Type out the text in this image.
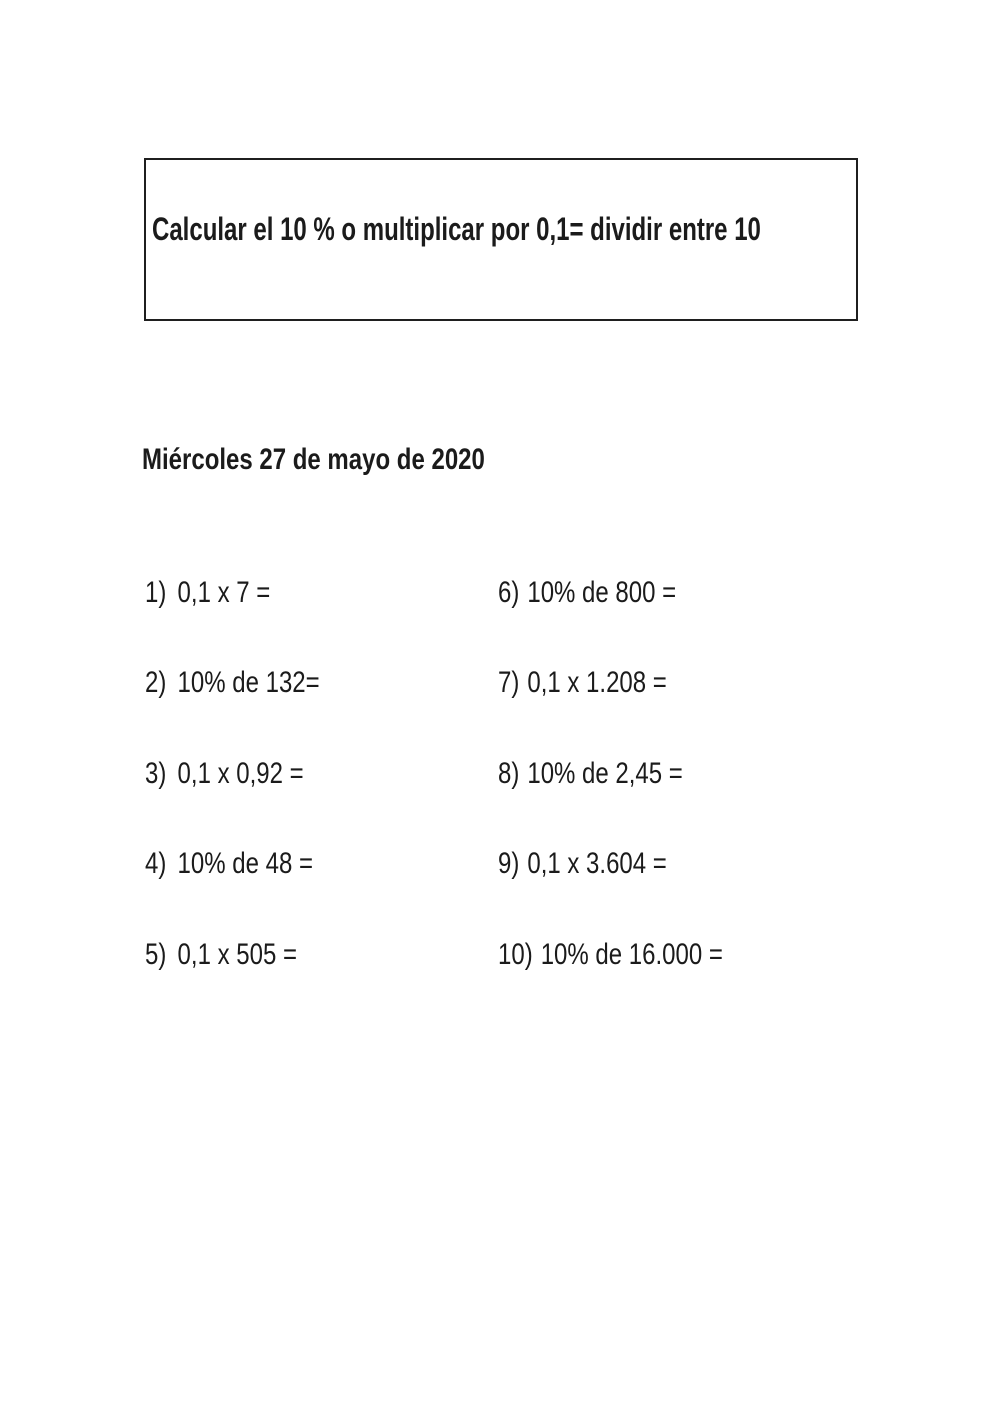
Calcular el 10 % o multiplicar por 0,1= dividir entre 10
Miércoles 27 de mayo de 2020
1) 0,1 x 7 =	6) 10% de 800 =
2) 10% de 132=	7) 0,1 x 1.208 =
3) 0,1 x 0,92 =	8) 10% de 2,45 =
4) 10% de 48 =	9) 0,1 x 3.604 =
5) 0,1 x 505 =	10) 10% de 16.000 =
